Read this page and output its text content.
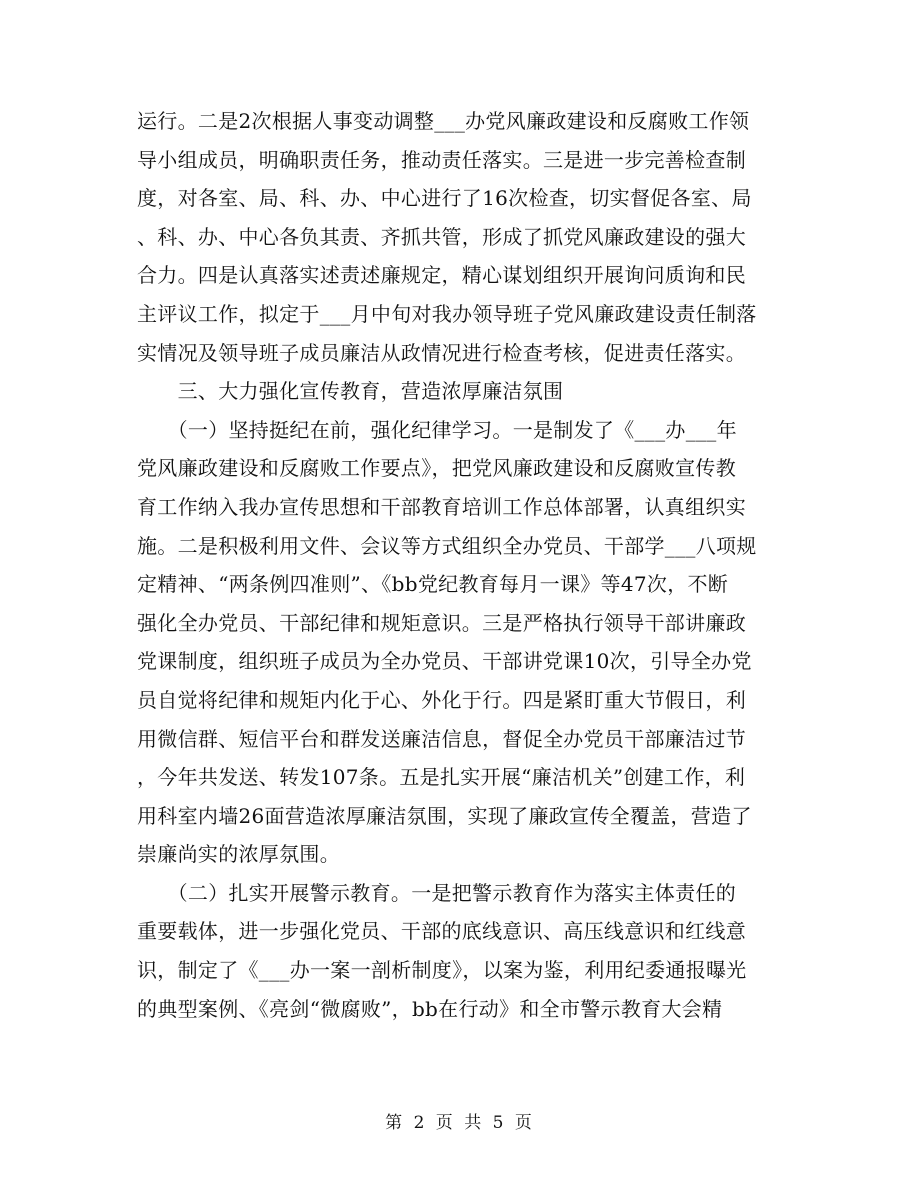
运行。二是2次根据人事变动调整___办党风廉政建设和反腐败工作领
导小组成员，明确职责任务，推动责任落实。三是进一步完善检查制
度，对各室、局、科、办、中心进行了16次检查，切实督促各室、局
、科、办、中心各负其责、齐抓共管，形成了抓党风廉政建设的强大
合力。四是认真落实述责述廉规定，精心谋划组织开展询问质询和民
主评议工作，拟定于___月中旬对我办领导班子党风廉政建设责任制落
实情况及领导班子成员廉洁从政情况进行检查考核，促进责任落实。
　　三、大力强化宣传教育，营造浓厚廉洁氛围
　　（一）坚持挺纪在前，强化纪律学习。一是制发了《___办___年
党风廉政建设和反腐败工作要点》，把党风廉政建设和反腐败宣传教
育工作纳入我办宣传思想和干部教育培训工作总体部署，认真组织实
施。二是积极利用文件、会议等方式组织全办党员、干部学___八项规
定精神、“两条例四准则”、《bb党纪教育每月一课》等47次，不断
强化全办党员、干部纪律和规矩意识。三是严格执行领导干部讲廉政
党课制度，组织班子成员为全办党员、干部讲党课10次，引导全办党
员自觉将纪律和规矩内化于心、外化于行。四是紧盯重大节假日，利
用微信群、短信平台和群发送廉洁信息，督促全办党员干部廉洁过节
，今年共发送、转发107条。五是扎实开展“廉洁机关”创建工作，利
用科室内墙26面营造浓厚廉洁氛围，实现了廉政宣传全覆盖，营造了
崇廉尚实的浓厚氛围。
　　（二）扎实开展警示教育。一是把警示教育作为落实主体责任的
重要载体，进一步强化党员、干部的底线意识、高压线意识和红线意
识，制定了《___办一案一剖析制度》，以案为鉴，利用纪委通报曝光
的典型案例、《亮剑“微腐败”，bb在行动》和全市警示教育大会精
第 2 页 共 5 页
